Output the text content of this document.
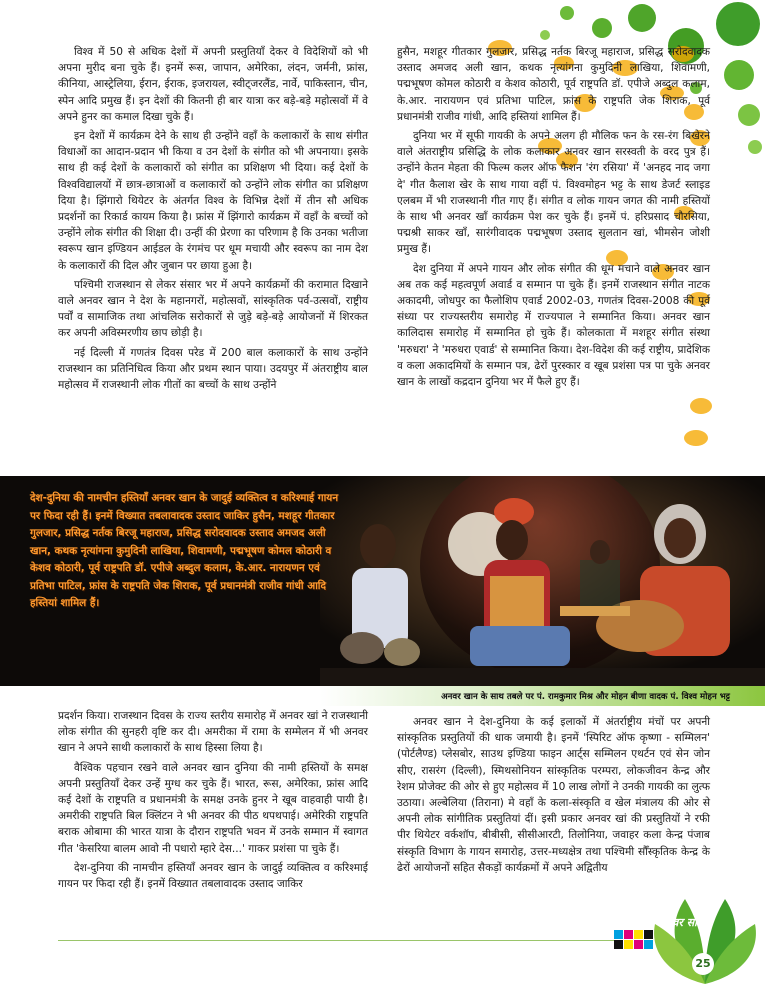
विश्व में 50 से अधिक देशों में अपनी प्रस्तुतियाँ देकर वे विदेशियों को भी अपना मुरीद बना चुके हैं। इनमें रूस, जापान, अमेरिका, लंदन, जर्मनी, फ्रांस, कीनिया, आस्ट्रेलिया, ईरान, ईराक, इजरायल, स्वीट्जरलैंड, नार्वे, पाकिस्तान, चीन, स्पेन आदि प्रमुख हैं। इन देशों की कितनी ही बार यात्रा कर बड़े-बड़े महोत्सवों में वे अपने हुनर का कमाल दिखा चुके हैं।

इन देशों में कार्यक्रम देने के साथ ही उन्होंने वहाँ के कलाकारों के साथ संगीत विधाओं का आदान-प्रदान भी किया व उन देशों के संगीत को भी अपनाया। इसके साथ ही कई देशों के कलाकारों को संगीत का प्रशिक्षण भी दिया। कई देशों के विश्वविद्यालयों में छात्र-छात्राओं व कलाकारों को उन्होंने लोक संगीत का प्रशिक्षण दिया है। झिंगारो थियेटर के अंतर्गत विश्व के विभिन्न देशों में तीन सौ अधिक प्रदर्शनों का रिकार्ड कायम किया है। फ्रांस में झिंगारो कार्यक्रम में वहाँ के बच्चों को उन्होंने लोक संगीत की शिक्षा दी। उन्हीं की प्रेरणा का परिणाम है कि उनका भतीजा स्वरूप खान इण्डियन आईडल के रंगमंच पर धूम मचायी और स्वरूप का नाम देश के कलाकारों की दिल और जुबान पर छाया हुआ है।

पश्चिमी राजस्थान से लेकर संसार भर में अपने कार्यक्रमों की करामात दिखाने वाले अनवर खान ने देश के महानगरों, महोत्सवों, सांस्कृतिक पर्व-उत्सवों, राष्ट्रीय पर्वों व सामाजिक तथा आंचलिक सरोकारों से जुड़े बड़े-बड़े आयोजनों में शिरकत कर अपनी अविस्मरणीय छाप छोड़ी है।

नई दिल्ली में गणतंत्र दिवस परेड में 200 बाल कलाकारों के साथ उन्होंने राजस्थान का प्रतिनिधित्व किया और प्रथम स्थान पाया। उदयपुर में अंतराष्ट्रीय बाल महोत्सव में राजस्थानी लोक गीतों का बच्चों के साथ उन्होंने

हुसैन, मशहूर गीतकार गुलजार, प्रसिद्ध नर्तक बिरजू महाराज, प्रसिद्ध सरोदवादक उस्ताद अमजद अली खान, कथक नृत्यांगना कुमुदिनी लाखिया, शिवामणी, पद्मभूषण कोमल कोठारी व केशव कोठारी, पूर्व राष्ट्रपति डॉ. एपीजे अब्दुल कलाम, के.आर. नारायणन एवं प्रतिभा पाटिल, फ्रांस के राष्ट्रपति जेक शिराक, पूर्व प्रधानमंत्री राजीव गांधी, आदि हस्तियां शामिल हैं।

दुनिया भर में सूफी गायकी के अपने अलग ही मौलिक फन के रस-रंग बिखेरने वाले अंतराष्ट्रीय प्रसिद्धि के लोक कलाकार अनवर खान सरस्वती के वरद पुत्र हैं। उन्होंने केतन मेहता की फिल्म कलर ऑफ फैशन 'रंग रसिया' में 'अनहद नाद जगा दे' गीत कैलाश खेर के साथ गाया वहीं पं. विश्वमोहन भट्ट के साथ डेजर्ट स्लाइड एलबम में भी राजस्थानी गीत गाए हैं। संगीत व लोक गायन जगत की नामी हस्तियों के साथ भी अनवर खाँ कार्यक्रम पेश कर चुके हैं। इनमें पं. हरिप्रसाद चौरसिया, पद्मश्री साकर खाँ, सारंगीवादक पद्मभूषण उस्ताद सुलतान खां, भीमसेन जोशी प्रमुख हैं।

देश दुनिया में अपने गायन और लोक संगीत की धूम मचाने वाले अनवर खान अब तक कई महत्वपूर्ण अवार्ड व सम्मान पा चुके हैं। इनमें राजस्थान संगीत नाटक अकादमी, जोधपुर का फैलोशिप एवार्ड 2002-03, गणतंत्र दिवस-2008 की पूर्व संध्या पर राज्यस्तरीय समारोह में राज्यपाल ने सम्मानित किया। अनवर खान कालिदास समारोह में सम्मानित हो चुके हैं। कोलकाता में मशहूर संगीत संस्था 'मरुधरा' ने 'मरुधरा एवार्ड' से सम्मानित किया। देश-विदेश की कई राष्ट्रीय, प्रादेशिक व कला अकादमियों के सम्मान पत्र, ढेरों पुरस्कार व खूब प्रशंसा पत्र पा चुके अनवर खान के लाखों कद्रदान दुनिया भर में फैले हुए हैं।

देश-दुनिया की नामचीन हस्तियाँ अनवर खान के जादुई व्यक्तित्व व करिश्माई गायन पर फिदा रही हैं। इनमें विख्यात तबलावादक उस्ताद जाकिर हुसैन, मशहूर गीतकार गुलजार, प्रसिद्ध नर्तक बिरजू महाराज, प्रसिद्ध सरोदवादक उस्ताद अमजद अली खान, कथक नृत्यांगना कुमुदिनी लाखिया, शिवामणी, पद्मभूषण कोमल कोठारी व केशव कोठारी, पूर्व राष्ट्रपति डॉ. एपीजे अब्दुल कलाम, के.आर. नारायणन एवं प्रतिभा पाटिल, फ्रांस के राष्ट्रपति जेक शिराक, पूर्व प्रधानमंत्री राजीव गांधी आदि हस्तियां शामिल हैं।
अनवर खान के साथ तबले पर पं. रामकुमार मिश्र और मोहन बीणा वादक पं. विश्व मोहन भट्ट

प्रदर्शन किया। राजस्थान दिवस के राज्य स्तरीय समारोह में अनवर खां ने राजस्थानी लोक संगीत की सुनहरी वृष्टि कर दी। अमरीका में रामा के सम्मेलन में भी अनवर खान ने अपने साथी कलाकारों के साथ हिस्सा लिया है।

वैश्विक पहचान रखने वाले अनवर खान दुनिया की नामी हस्तियों के समक्ष अपनी प्रस्तुतियाँ देकर उन्हें मुग्ध कर चुके हैं। भारत, रूस, अमेरिका, फ्रांस आदि कई देशों के राष्ट्रपति व प्रधानमंत्री के समक्ष उनके हुनर ने खूब वाहवाही पायी है। अमरीकी राष्ट्रपति बिल क्लिंटन ने भी अनवर की पीठ थपथपाई। अमेरिकी राष्ट्रपति बराक ओबामा की भारत यात्रा के दौरान राष्ट्रपति भवन में उनके सम्मान में स्वागत गीत 'केसरिया बालम आवो नी पधारो म्हारे देस...' गाकर प्रशंसा पा चुके हैं।

देश-दुनिया की नामचीन हस्तियाँ अनवर खान के जादुई व्यक्तित्व व करिश्माई गायन पर फिदा रही हैं। इनमें विख्यात तबलावादक उस्ताद जाकिर

अनवर खान ने देश-दुनिया के कई इलाकों में अंतर्राष्ट्रीय मंचों पर अपनी सांस्कृतिक प्रस्तुतियों की धाक जमायी है। इनमें 'स्पिरिट ऑफ कृष्णा - सम्मिलन' (पोर्टलैण्ड) प्लेसबोर, साउथ इण्डिया फाइन आर्ट्स सम्मिलन एथर्टन एवं सेन जोन सीए, रासरंग (दिल्ली), स्मिथसोनियन सांस्कृतिक परम्परा, लोकजीवन केन्द्र और रेशम प्रोजेक्ट की ओर से हुए महोत्सव में 10 लाख लोगों ने उनकी गायकी का लुत्फ उठाया। अल्बेलिया (तिराना) मे वहाँ के कला-संस्कृति व खेल मंत्रालय की ओर से अपनी लोक सांगीतिक प्रस्तुतियां दीं। इसी प्रकार अनवर खां की प्रस्तुतियों ने रफी पीर थियेटर वर्कशॉप, बीबीसी, सीसीआरटी, तिलोनिया, जवाहर कला केन्द्र पंजाब संस्कृति विभाग के गायन समारोह, उत्तर-मध्यक्षेत्र तथा पश्चिमी सौँस्कृतिक केन्द्र के ढेरों आयोजनों सहित सैकड़ों कार्यक्रमों में अपने अद्वितीय

स्वर सरिता
25
